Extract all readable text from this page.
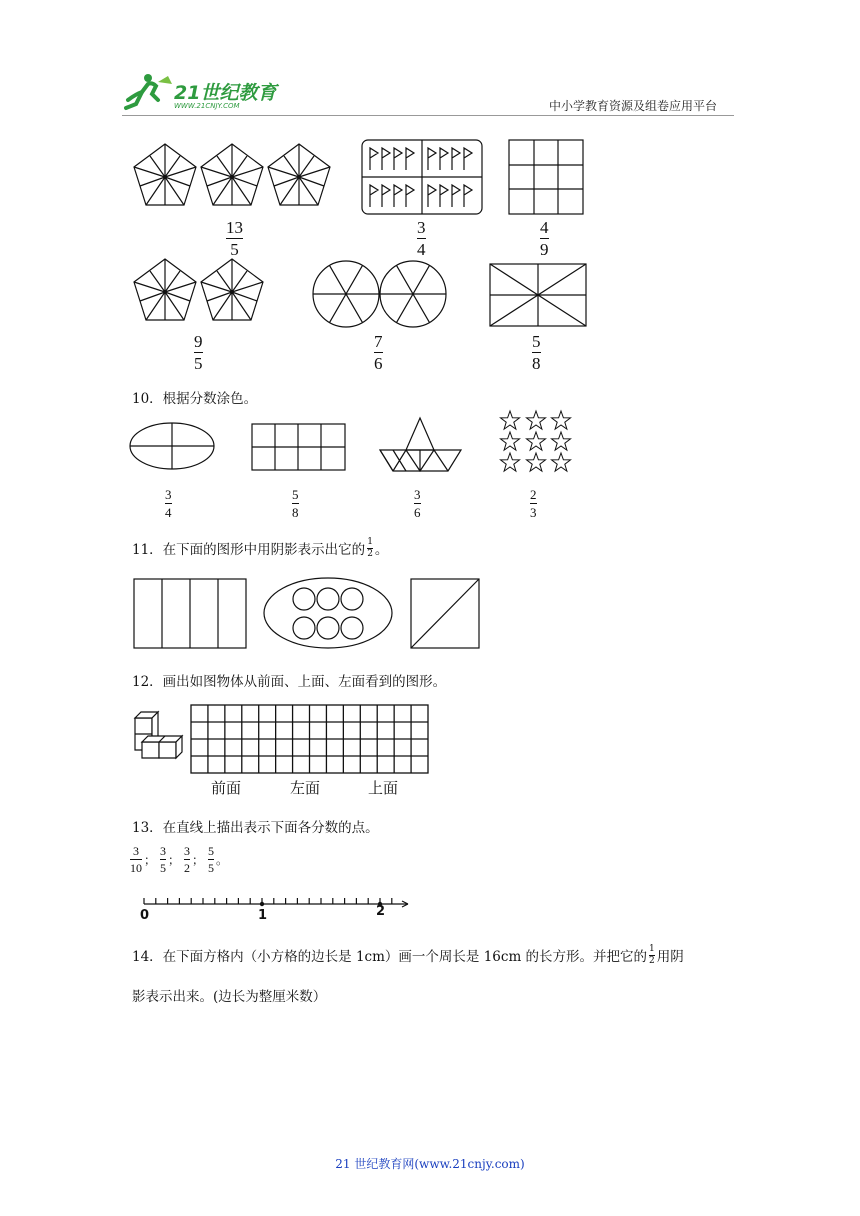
21世纪教育
WWW.21CNJY.COM	中小学教育资源及组卷应用平台
13
5
3
4
4
9
9
5
7
6
5
8
10．根据分数涂色。
3
4
5
8
3
6
2
3
11．在下面的图形中用阴影表示出它的 $\frac{1}{2}$ 。
12．画出如图物体从前面、上面、左面看到的图形。
前面	左面	上面
13．在直线上描出表示下面各分数的点。
$\frac{3}{10}$ ； $\frac{3}{5}$ ； $\frac{3}{2}$ ； $\frac{5}{5}$ 。
0	1	2
14．在下面方格内（小方格的边长是 1cm）画一个周长是 16cm 的长方形。并把它的 $\frac{1}{2}$ 用阴
影表示出来。(边长为整厘米数）
21 世纪教育网(www.21cnjy.com)
